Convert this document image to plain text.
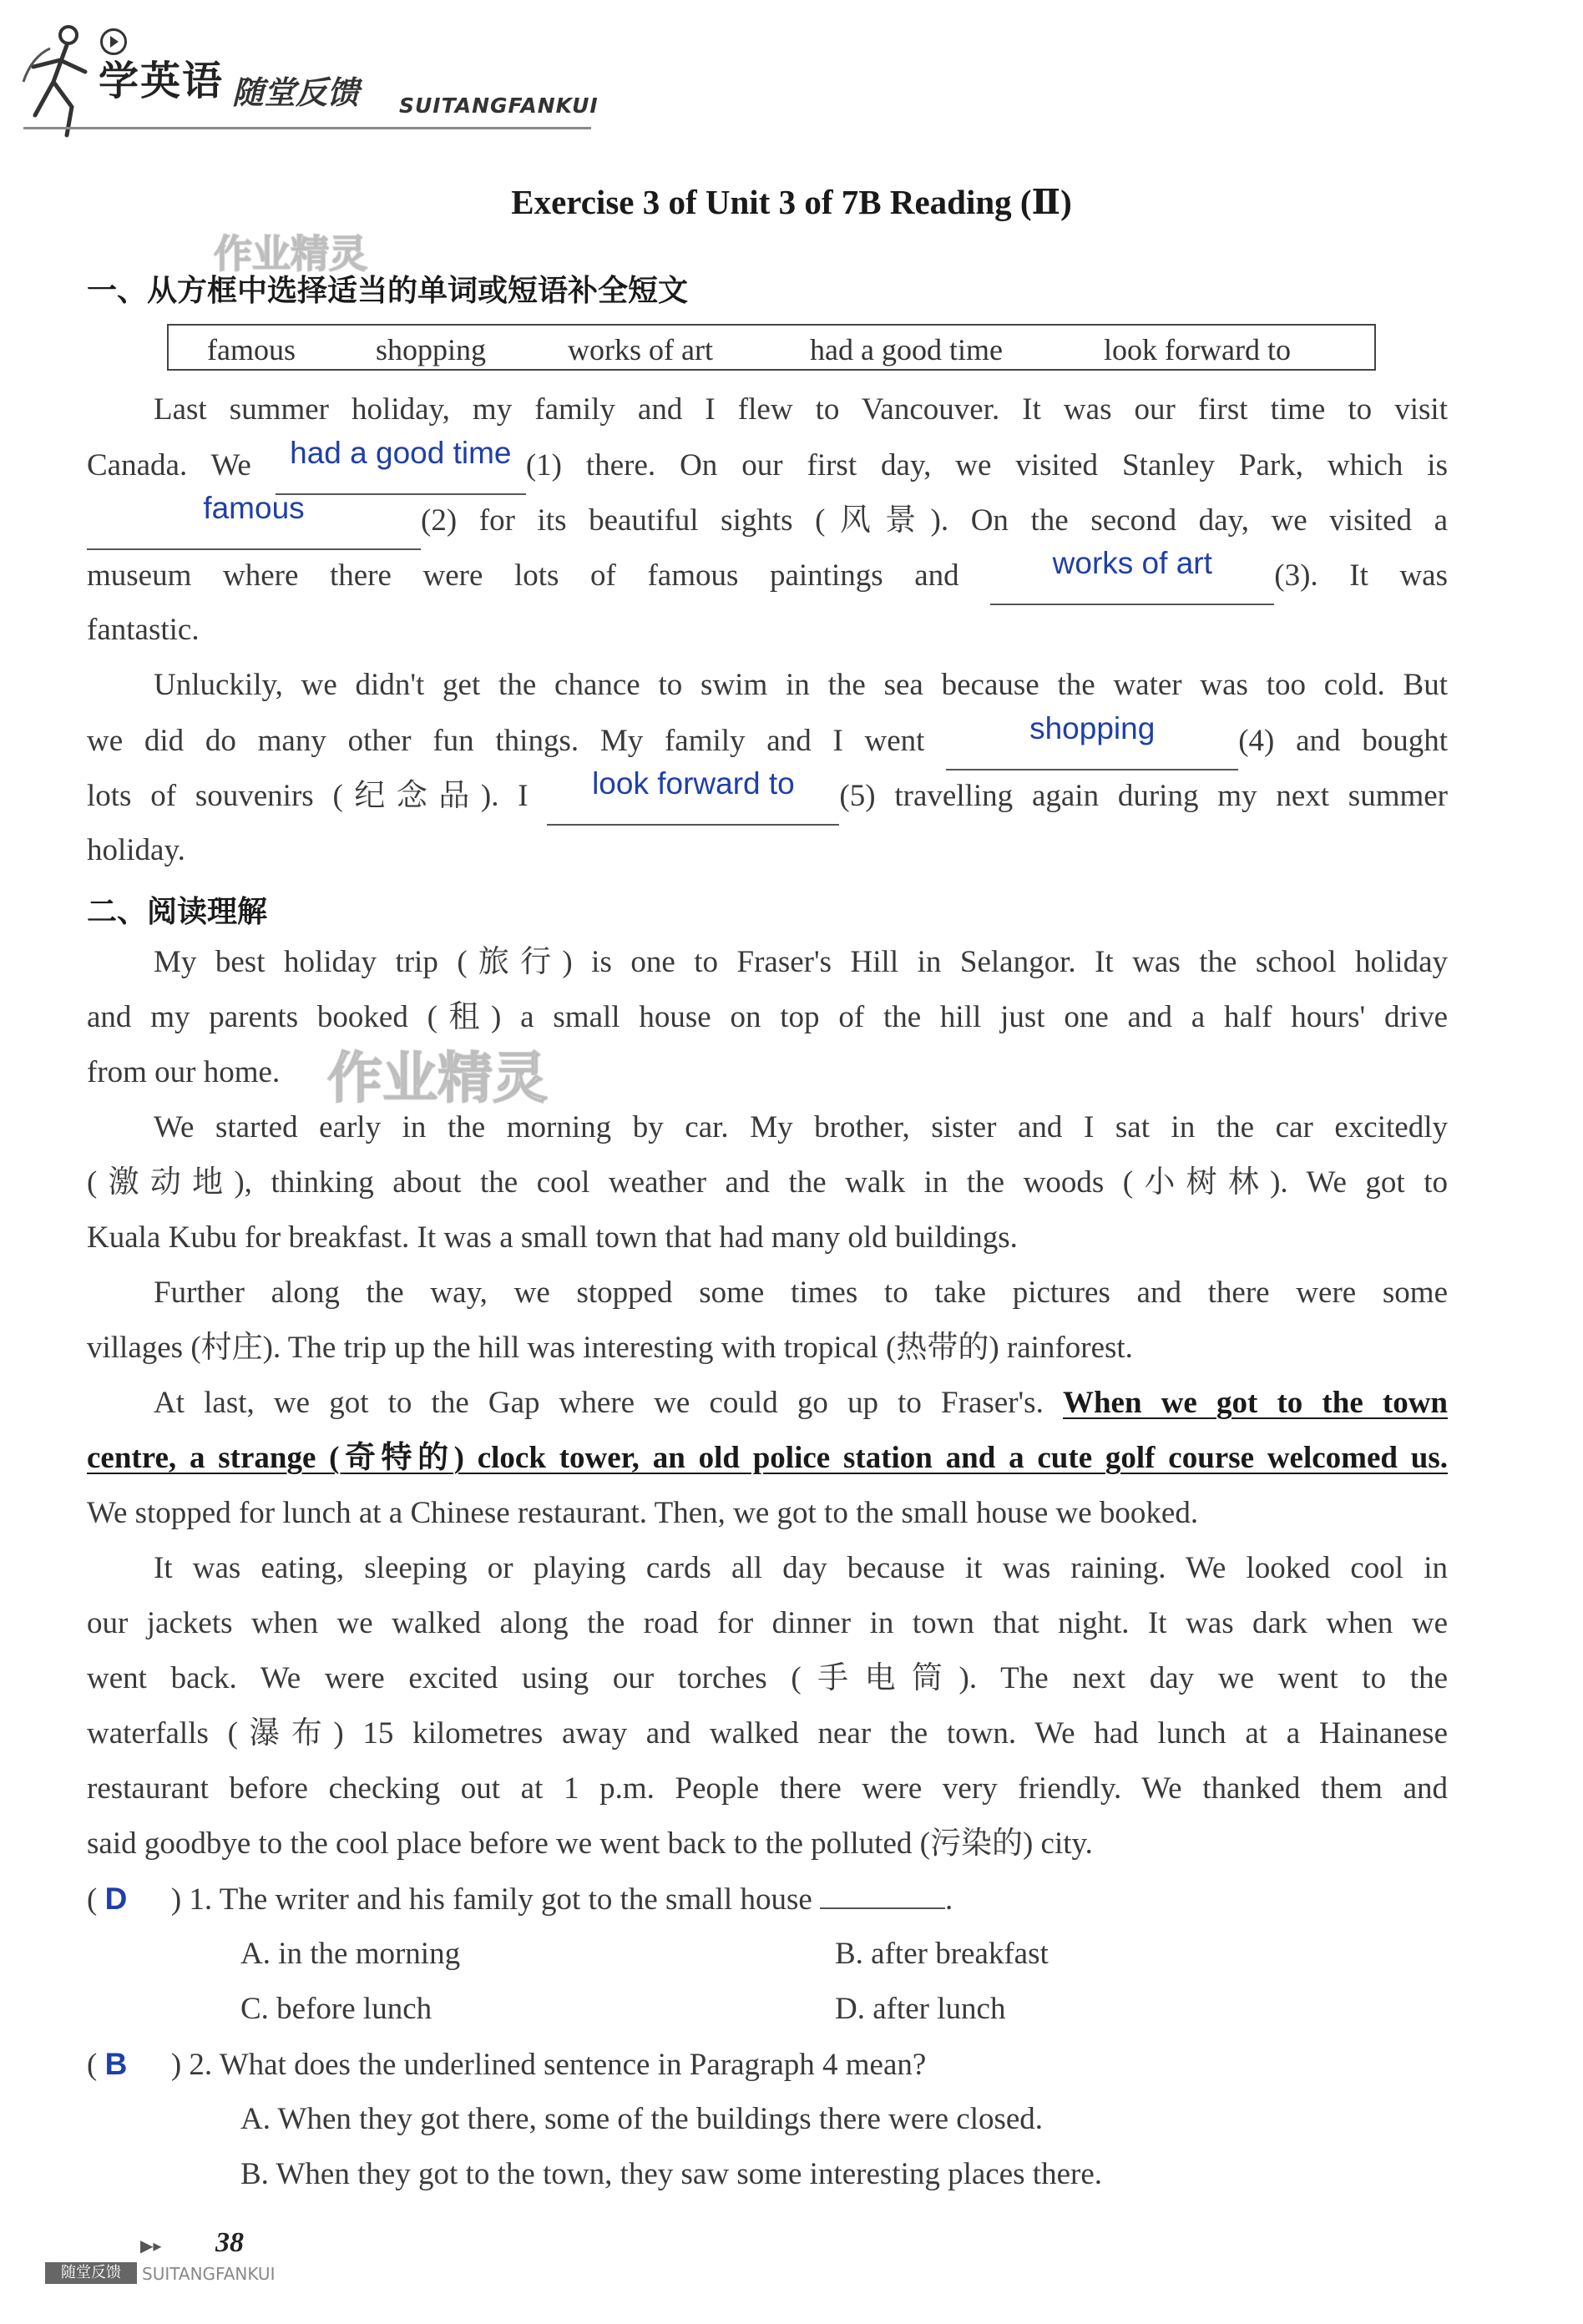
学英语 随堂反馈 SUITANGFANKUI
Exercise 3 of Unit 3 of 7B Reading (Ⅱ)
作业精灵
作业精灵
一、从方框中选择适当的单词或短语补全短文
famous	shopping	works of art	had a good time	look forward to
Last summer holiday, my family and I flew to Vancouver. It was our first time to visit
Canada. We had a good time (1) there. On our first day, we visited Stanley Park, which is
famous	(2) for its beautiful sights (风景). On the second day, we visited a
museum where there were lots of famous paintings and	works of art (3). It was
fantastic.
Unluckily, we didn't get the chance to swim in the sea because the water was too cold. But
we did do many other fun things. My family and I went	shopping	(4) and bought
lots of souvenirs (纪念品). I look forward to (5) travelling again during my next summer
holiday.
二、阅读理解
My best holiday trip (旅行) is one to Fraser's Hill in Selangor. It was the school holiday
and my parents booked (租) a small house on top of the hill just one and a half hours' drive
from our home.
We started early in the morning by car. My brother, sister and I sat in the car excitedly
(激动地), thinking about the cool weather and the walk in the woods (小树林). We got to
Kuala Kubu for breakfast. It was a small town that had many old buildings.
Further along the way, we stopped some times to take pictures and there were some
villages (村庄). The trip up the hill was interesting with tropical (热带的) rainforest.
At last, we got to the Gap where we could go up to Fraser's. When we got to the town
centre, a strange (奇特的) clock tower, an old police station and a cute golf course welcomed us.
We stopped for lunch at a Chinese restaurant. Then, we got to the small house we booked.
It was eating, sleeping or playing cards all day because it was raining. We looked cool in
our jackets when we walked along the road for dinner in town that night. It was dark when we
went back. We were excited using our torches (手电筒). The next day we went to the
waterfalls (瀑布) 15 kilometres away and walked near the town. We had lunch at a Hainanese
restaurant before checking out at 1 p.m. People there were very friendly. We thanked them and
said goodbye to the cool place before we went back to the polluted (污染的) city.
( D ) 1. The writer and his family got to the small house	.
A. in the morning	B. after breakfast
C. before lunch	D. after lunch
( B ) 2. What does the underlined sentence in Paragraph 4 mean?
A. When they got there, some of the buildings there were closed.
B. When they got to the town, they saw some interesting places there.
▶▸ 38
随堂反馈	SUITANGFANKUI
